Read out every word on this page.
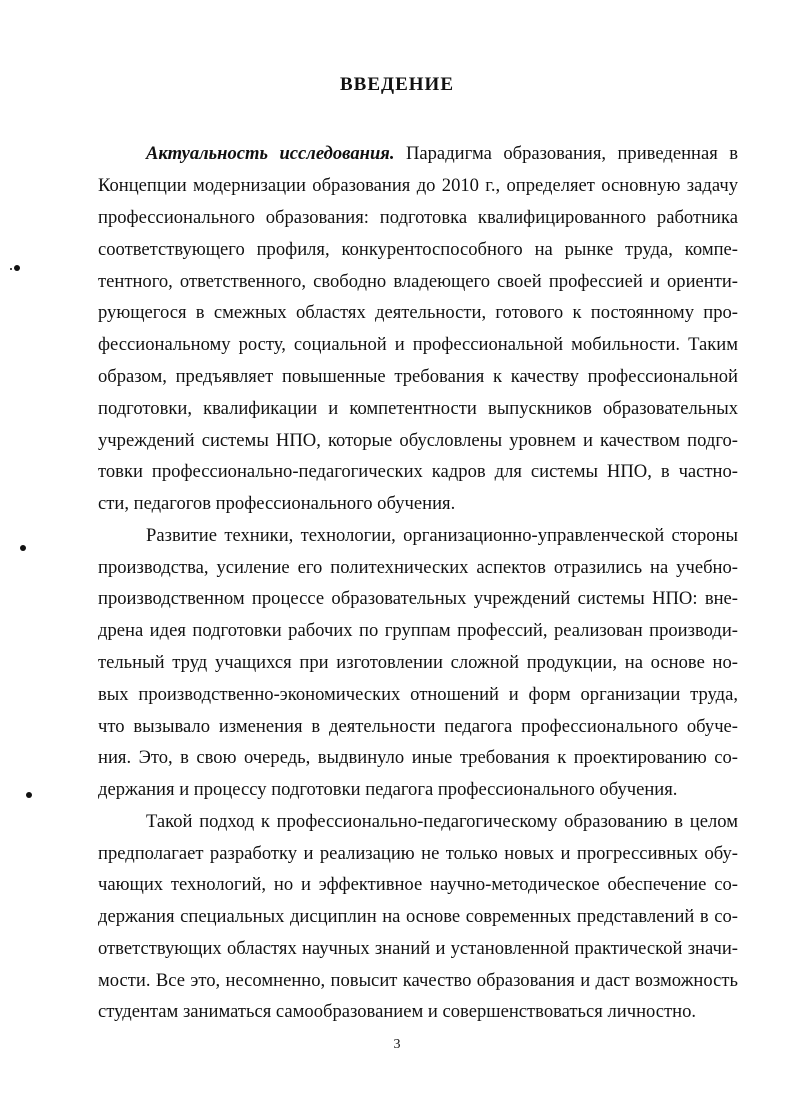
ВВЕДЕНИЕ
Актуальность исследования. Парадигма образования, приведенная в
Концепции модернизации образования до 2010 г., определяет основную задачу
профессионального образования: подготовка квалифицированного работника
соответствующего профиля, конкурентоспособного на рынке труда, компе-
тентного, ответственного, свободно владеющего своей профессией и ориенти-
рующегося в смежных областях деятельности, готового к постоянному про-
фессиональному росту, социальной и профессиональной мобильности. Таким
образом, предъявляет повышенные требования к качеству профессиональной
подготовки, квалификации и компетентности выпускников образовательных
учреждений системы НПО, которые обусловлены уровнем и качеством подго-
товки профессионально-педагогических кадров для системы НПО, в частно-
сти, педагогов профессионального обучения.
Развитие техники, технологии, организационно-управленческой стороны
производства, усиление его политехнических аспектов отразились на учебно-
производственном процессе образовательных учреждений системы НПО: вне-
дрена идея подготовки рабочих по группам профессий, реализован производи-
тельный труд учащихся при изготовлении сложной продукции, на основе но-
вых производственно-экономических отношений и форм организации труда,
что вызывало изменения в деятельности педагога профессионального обуче-
ния. Это, в свою очередь, выдвинуло иные требования к проектированию со-
держания и процессу подготовки педагога профессионального обучения.
Такой подход к профессионально-педагогическому образованию в целом
предполагает разработку и реализацию не только новых и прогрессивных обу-
чающих технологий, но и эффективное научно-методическое обеспечение со-
держания специальных дисциплин на основе современных представлений в со-
ответствующих областях научных знаний и установленной практической значи-
мости. Все это, несомненно, повысит качество образования и даст возможность
студентам заниматься самообразованием и совершенствоваться личностно.
3
